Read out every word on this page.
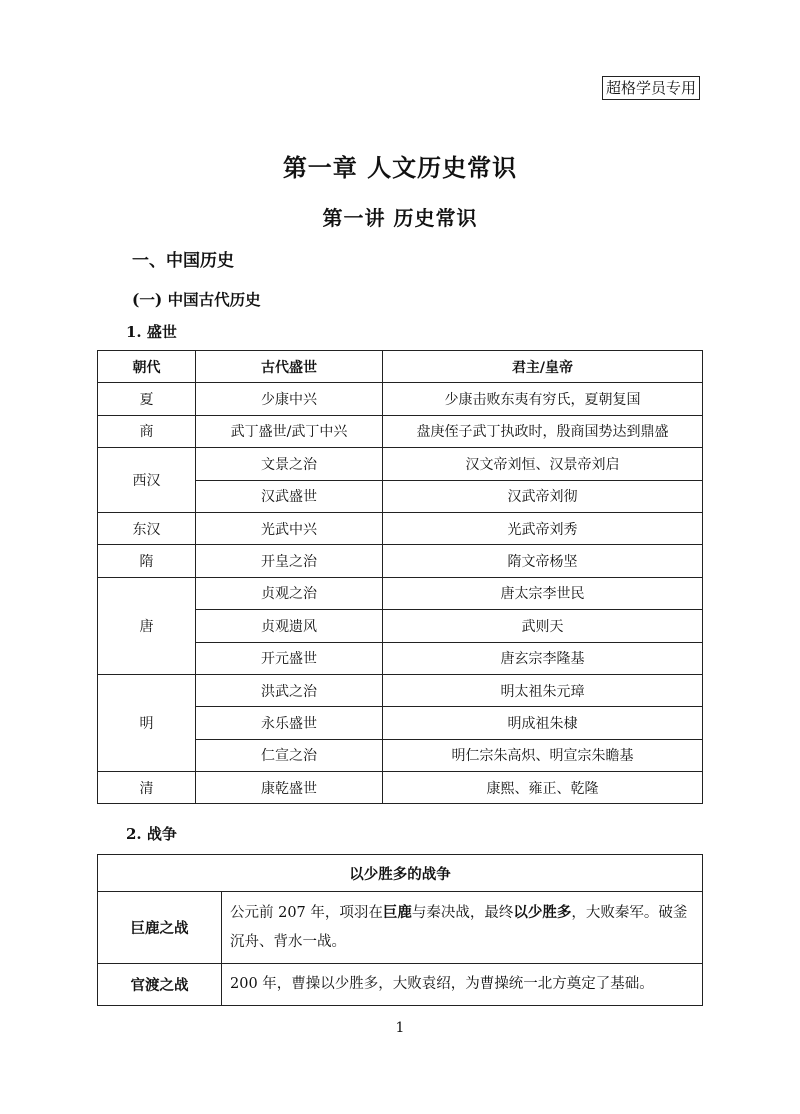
超格学员专用
第一章 人文历史常识
第一讲 历史常识
一、中国历史
(一) 中国古代历史
1. 盛世
朝代	古代盛世	君主/皇帝
夏	少康中兴	少康击败东夷有穷氏，夏朝复国
商	武丁盛世/武丁中兴	盘庚侄子武丁执政时，殷商国势达到鼎盛
西汉	文景之治	汉文帝刘恒、汉景帝刘启
	汉武盛世	汉武帝刘彻
东汉	光武中兴	光武帝刘秀
隋	开皇之治	隋文帝杨坚
唐	贞观之治	唐太宗李世民
	贞观遗风	武则天
	开元盛世	唐玄宗李隆基
明	洪武之治	明太祖朱元璋
	永乐盛世	明成祖朱棣
	仁宣之治	明仁宗朱高炽、明宣宗朱瞻基
清	康乾盛世	康熙、雍正、乾隆
2. 战争
以少胜多的战争	
巨鹿之战	公元前 207 年，项羽在巨鹿与秦决战，最终以少胜多，大败秦军。破釜沉舟、背水一战。
官渡之战	200 年，曹操以少胜多，大败袁绍，为曹操统一北方奠定了基础。
1
